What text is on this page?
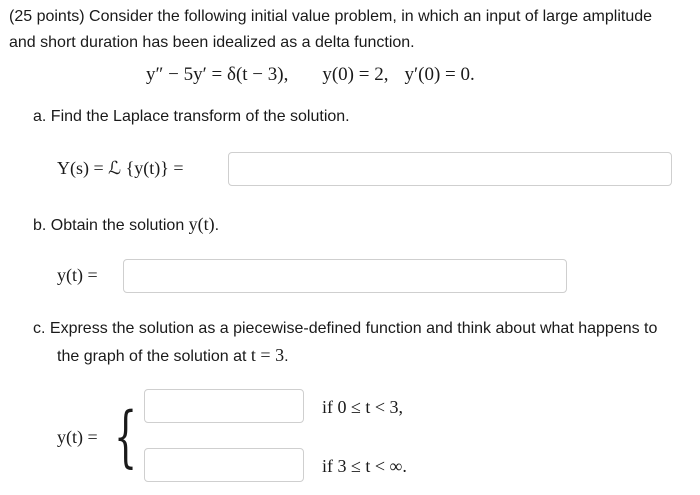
(25 points) Consider the following initial value problem, in which an input of large amplitude
and short duration has been idealized as a delta function.
y″ − 5y′ = δ(t − 3), y(0) = 2, y′(0) = 0.
a. Find the Laplace transform of the solution.
Y(s) = ℒ {y(t)} =
b. Obtain the solution y(t).
y(t) =
c. Express the solution as a piecewise-defined function and think about what happens to
the graph of the solution at t = 3.
y(t) = {	if 0 ≤ t < 3,
if 3 ≤ t < ∞.
